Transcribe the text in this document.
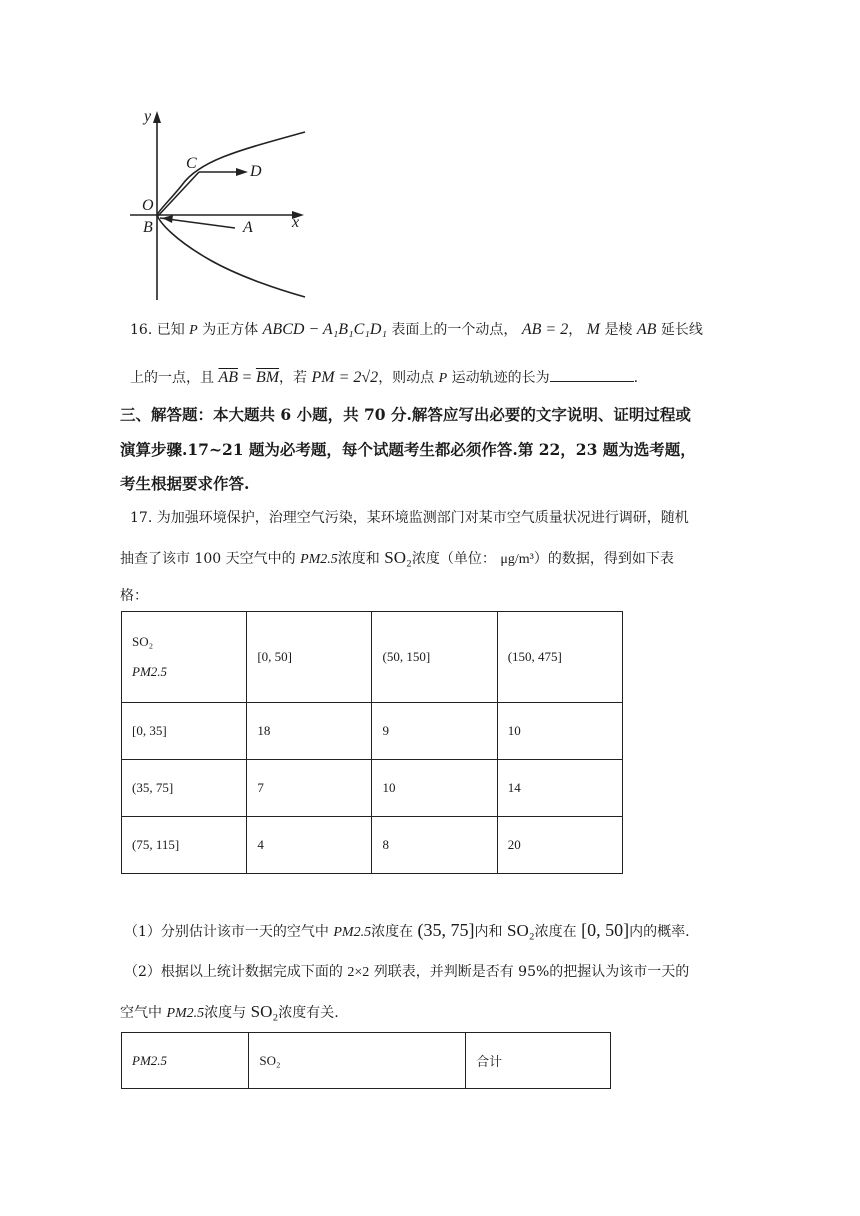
y
x
O
B	A
C	D
16. 已知 P 为正方体 ABCD − A₁B₁C₁D₁ 表面上的一个动点， AB = 2， M 是棱 AB 延长线
上的一点，且 $\overline{AB} = \overline{BM}$，若 PM = 2√2，则动点 P 运动轨迹的长为	.
三、解答题：本大题共 6 小题，共 70 分.解答应写出必要的文字说明、证明过程或
演算步骤.17~21 题为必考题，每个试题考生都必须作答.第 22，23 题为选考题，
考生根据要求作答.
17. 为加强环境保护，治理空气污染，某环境监测部门对某市空气质量状况进行调研，随机
抽查了该市 100 天空气中的 PM2.5浓度和 SO₂浓度（单位： μg/m³）的数据，得到如下表
格：
SO₂
PM2.5	[0, 50]	(50, 150]	(150, 475]
[0, 35]	18	9	10
(35, 75]	7	10	14
(75, 115]	4	8	20
（1）分别估计该市一天的空气中 PM2.5浓度在 (35, 75]内和 SO₂浓度在 [0, 50]内的概率.
（2）根据以上统计数据完成下面的 2×2 列联表，并判断是否有 95%的把握认为该市一天的
空气中 PM2.5浓度与 SO₂浓度有关.
PM2.5	SO₂	合计
